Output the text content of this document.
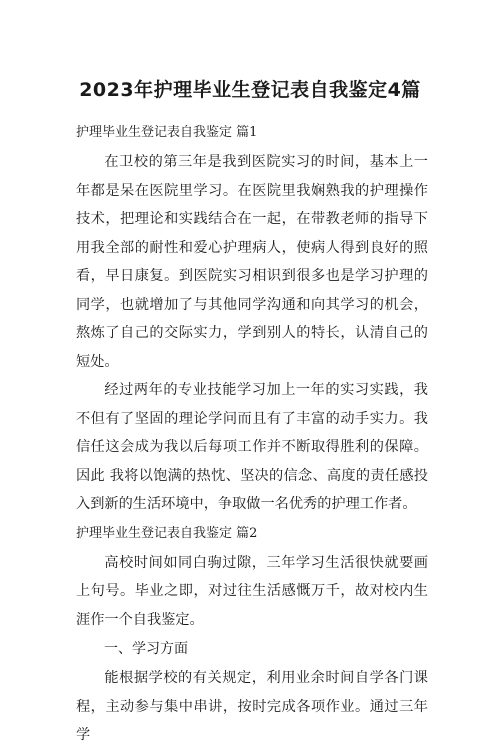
2023年护理毕业生登记表自我鉴定4篇
护理毕业生登记表自我鉴定 篇1

在卫校的第三年是我到医院实习的时间，基本上一年都是呆在医院里学习。在医院里我娴熟我的护理操作技术，把理论和实践结合在一起，在带教老师的指导下用我全部的耐性和爱心护理病人，使病人得到良好的照看，早日康复。到医院实习相识到很多也是学习护理的同学，也就增加了与其他同学沟通和向其学习的机会，熬炼了自己的交际实力，学到别人的特长，认清自己的短处。

经过两年的专业技能学习加上一年的实习实践，我不但有了坚固的理论学问而且有了丰富的动手实力。我信任这会成为我以后每项工作并不断取得胜利的保障。因此 我将以饱满的热忱、坚决的信念、高度的责任感投入到新的生活环境中，争取做一名优秀的护理工作者。

护理毕业生登记表自我鉴定 篇2

高校时间如同白驹过隙，三年学习生活很快就要画上句号。毕业之即，对过往生活感慨万千，故对校内生涯作一个自我鉴定。

一、学习方面

能根据学校的有关规定，利用业余时间自学各门课程，主动参与集中串讲，按时完成各项作业。通过三年学
